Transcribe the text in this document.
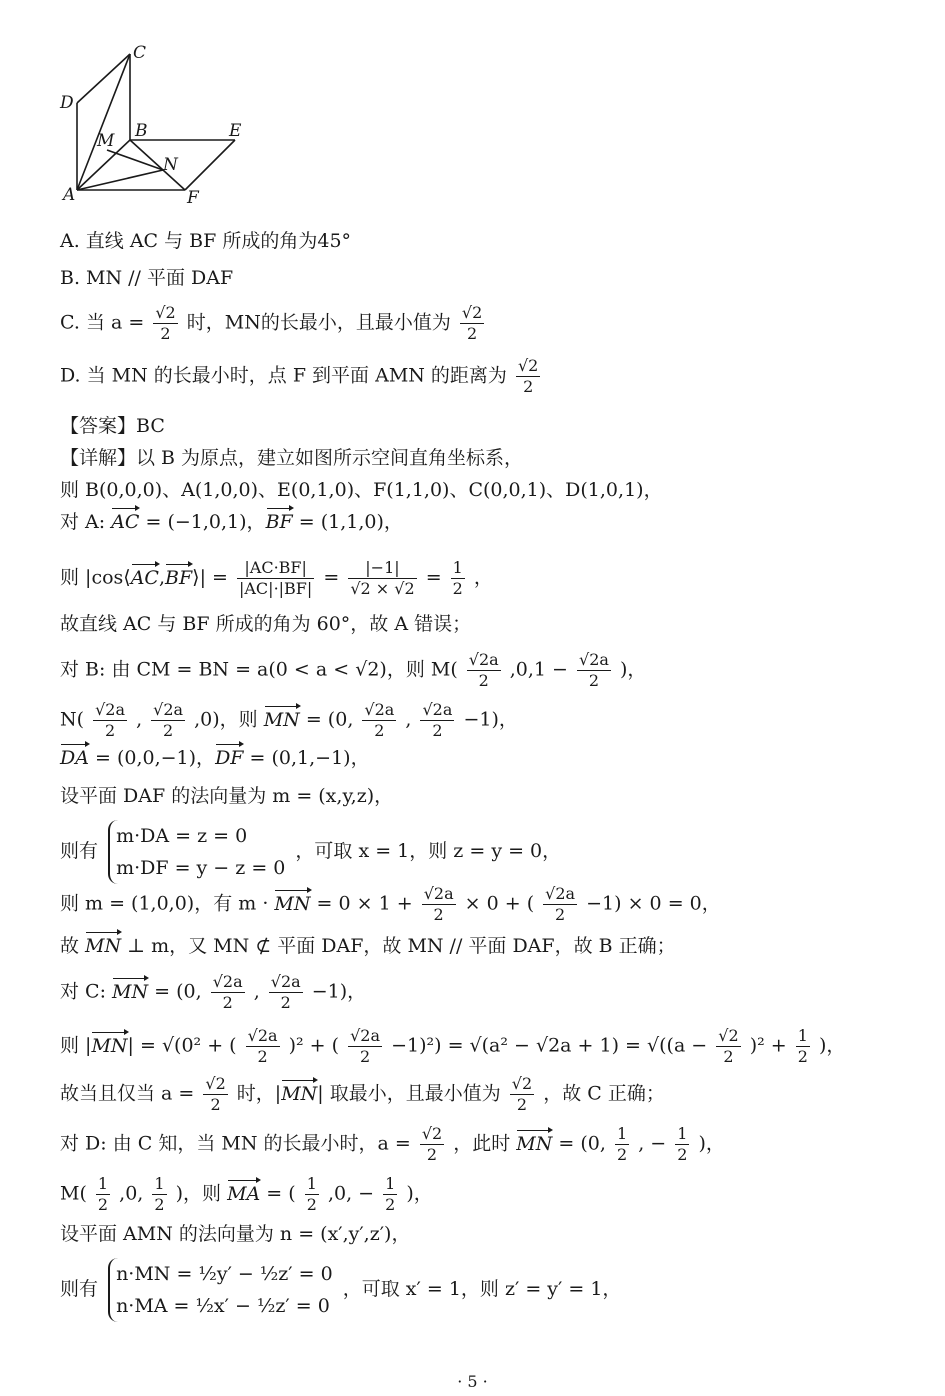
C
D
M B	E
N
A	F
A. 直线 AC 与 BF 所成的角为45°
B. MN // 平面 DAF
C. 当 $a = \frac{√2}{2}$ 时，MN的长最小，且最小值为 $\frac{√2}{2}$
D. 当 MN 的长最小时，点 F 到平面 AMN 的距离为 $\frac{√2}{2}$
【答案】BC
【详解】以 B 为原点，建立如图所示空间直角坐标系，
则 B(0,0,0)、A(1,0,0)、E(0,1,0)、F(1,1,0)、C(0,0,1)、D(1,0,1)，
对 A: AC = (−1,0,1)，BF = (1,1,0)，
则 |cos⟨AC,BF⟩| = $\frac{|AC\cdot BF|}{|AC|\cdot|BF|} = \frac{|-1|}{√2 \times √2} = \frac{1}{2}$ ，
故直线 AC 与 BF 所成的角为 60°，故 A 错误；
对 B: 由 CM = BN = a(0 < a < √2)，则 $M( \frac{√2a}{2} ,0,1 - \frac{√2a}{2}$ )，
$N( \frac{√2a}{2}$ , $\frac{√2a}{2} ,0$)，则 MN = (0, $\frac{√2a}{2}$ , $\frac{√2a}{2} -1$)，
DA = (0,0,−1)，DF = (0,1,−1)，
设平面 DAF 的法向量为 m = (x,y,z)，
则有
m·DA = z = 0
m·DF = y − z = 0
，可取 x = 1，则 z = y = 0，
则 m = (1,0,0)，有 m · MN = $0 \times 1 + \frac{√2a}{2} \times 0$ + ( $\frac{√2a}{2} -1) \times 0 = 0$，
故 MN ⊥ m，又 MN ⊄ 平面 DAF，故 MN // 平面 DAF，故 B 正确；
对 C: MN = (0, $\frac{√2a}{2}$ , $\frac{√2a}{2} -1$)，
则 |MN| = √(0² + ( $\frac{√2a}{2} )^2$ + ( $\frac{√2a}{2} -1)^2) = √(a^2 - √2a + 1) = √((a - \frac{√2}{2} )^2 + \frac{1}{2}$ )，
故当且仅当 $a = \frac{√2}{2}$ 时，|MN| 取最小，且最小值为 $\frac{√2}{2}$ ，故 C 正确；
对 D: 由 C 知，当 MN 的长最小时，$a = \frac{√2}{2}$ ，此时 MN = (0, $\frac{1}{2}$ , − $\frac{1}{2}$ )，
$M( \frac{1}{2} ,0$, $\frac{1}{2}$ )，则 MA = ( $\frac{1}{2} ,0$, − $\frac{1}{2}$ )，
设平面 AMN 的法向量为 n = (x′,y′,z′)，
则有
n·MN = ½y′ − ½z′ = 0
n·MA = ½x′ − ½z′ = 0
，可取 x′ = 1，则 z′ = y′ = 1，
· 5 ·
